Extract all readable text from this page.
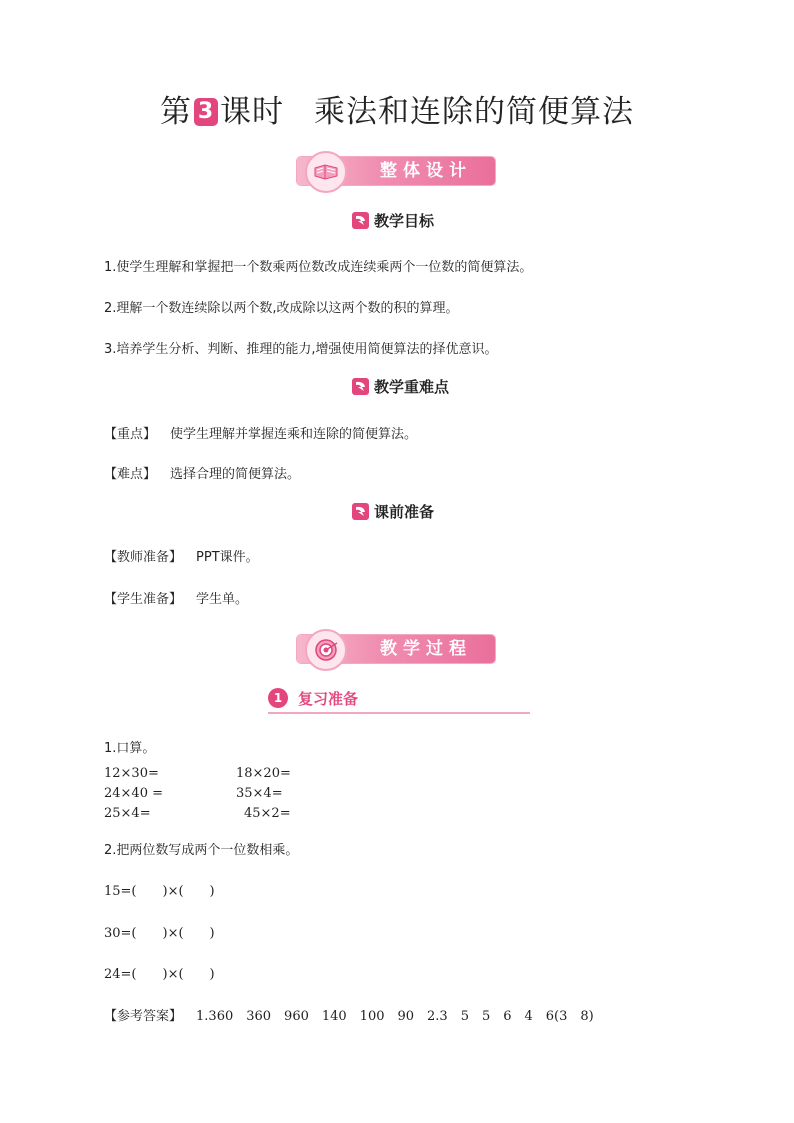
第 3 课时 乘法和连除的简便算法
整体设计
教学目标
1.使学生理解和掌握把一个数乘两位数改成连续乘两个一位数的简便算法。
2.理解一个数连续除以两个数,改成除以这两个数的积的算理。
3.培养学生分析、判断、推理的能力,增强使用简便算法的择优意识。
教学重难点
【重点】 使学生理解并掌握连乘和连除的简便算法。
【难点】 选择合理的简便算法。
课前准备
【教师准备】 PPT课件。
【学生准备】 学生单。
教学过程
1	复习准备
1.口算。
12×30=	18×20=
24×40 =	35×4=
25×4=	45×2=
2.把两位数写成两个一位数相乘。
15=(　　)×(　　)
30=(　　)×(　　)
24=(　　)×(　　)
【参考答案】 1.360　360　960　140　100　90　2.3　5　5　6　4　6(3　8)
